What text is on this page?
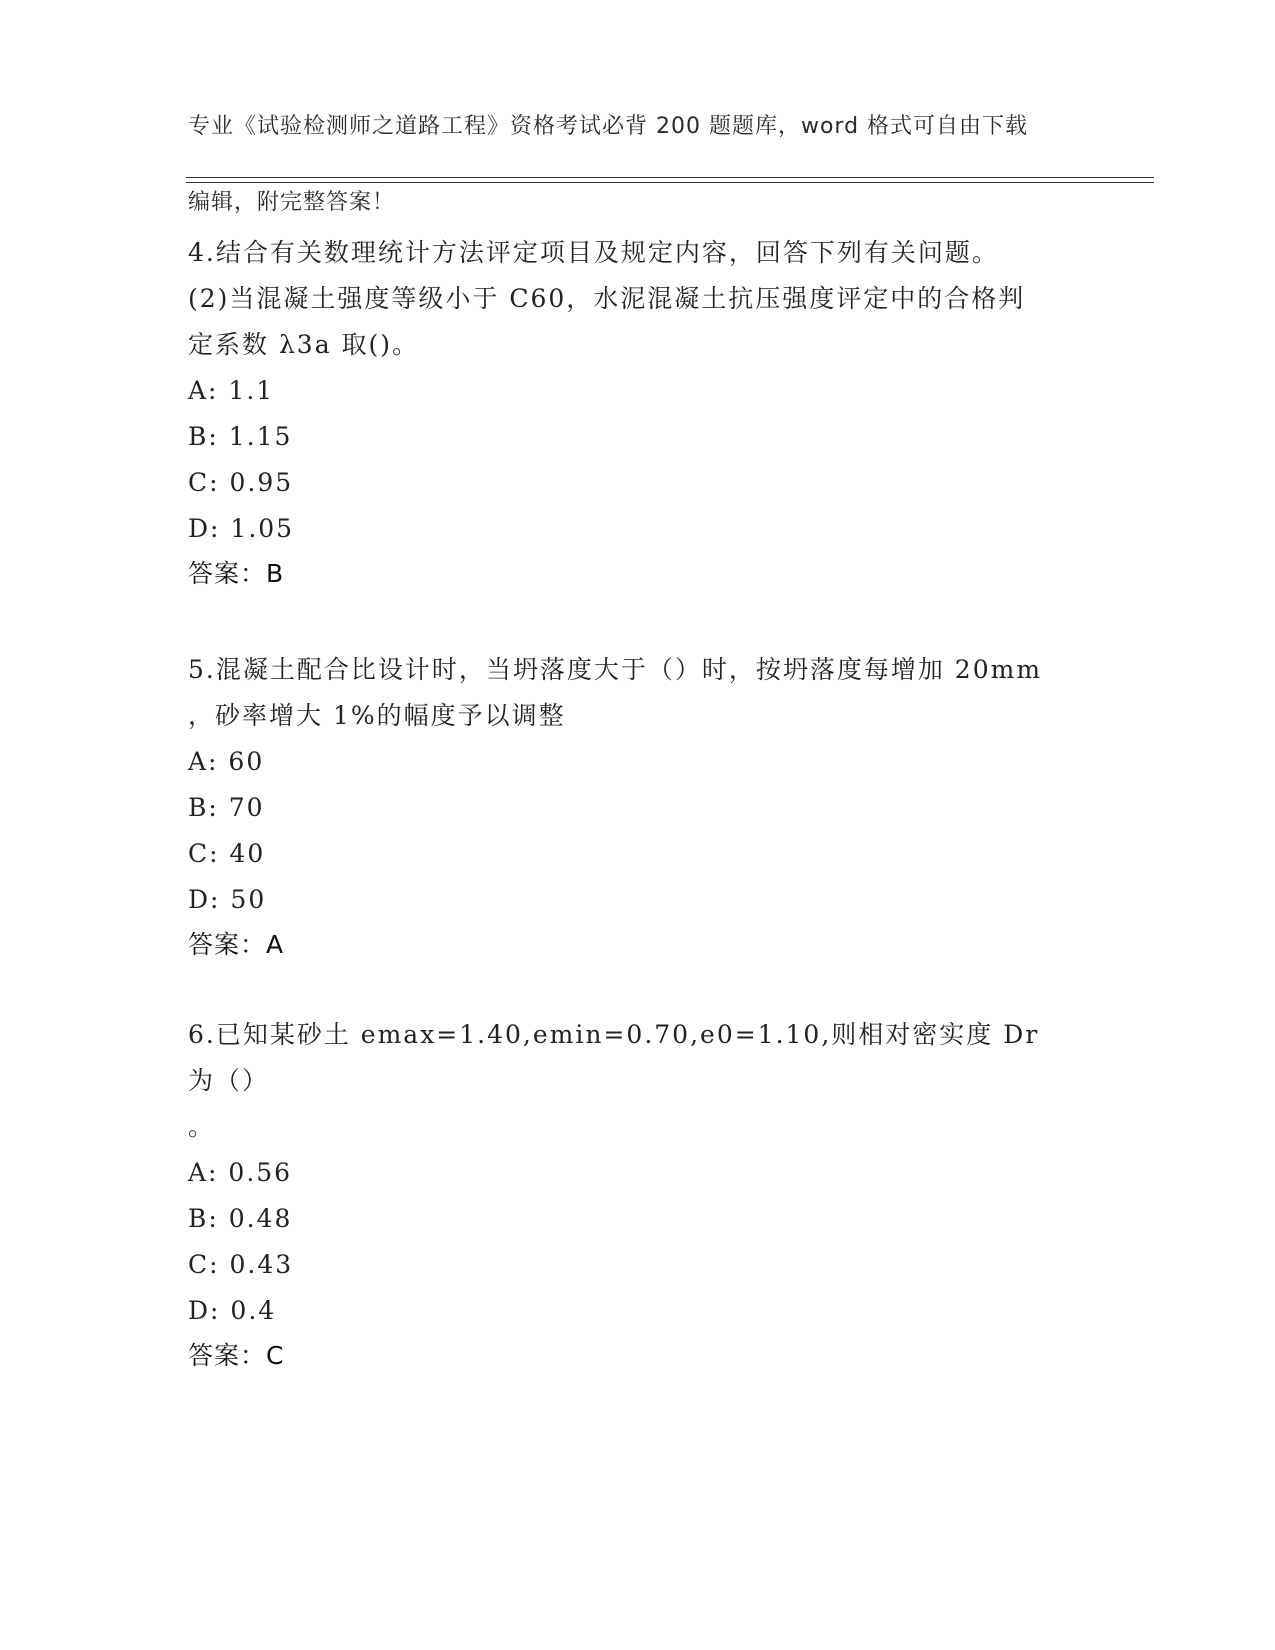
专业《试验检测师之道路工程》资格考试必背 200 题题库，word 格式可自由下载

编辑，附完整答案！

4.结合有关数理统计方法评定项目及规定内容，回答下列有关问题。

(2)当混凝土强度等级小于 C60，水泥混凝土抗压强度评定中的合格判

定系数 λ3a 取()。

A: 1.1

B: 1.15

C: 0.95

D: 1.05

答案：B

5.混凝土配合比设计时，当坍落度大于（）时，按坍落度每增加 20mm

，砂率增大 1%的幅度予以调整

A: 60

B: 70

C: 40

D: 50

答案：A

6.已知某砂土 emax=1.40,emin=0.70,e0=1.10,则相对密实度 Dr 为（）

。

A: 0.56

B: 0.48

C: 0.43

D: 0.4

答案：C
